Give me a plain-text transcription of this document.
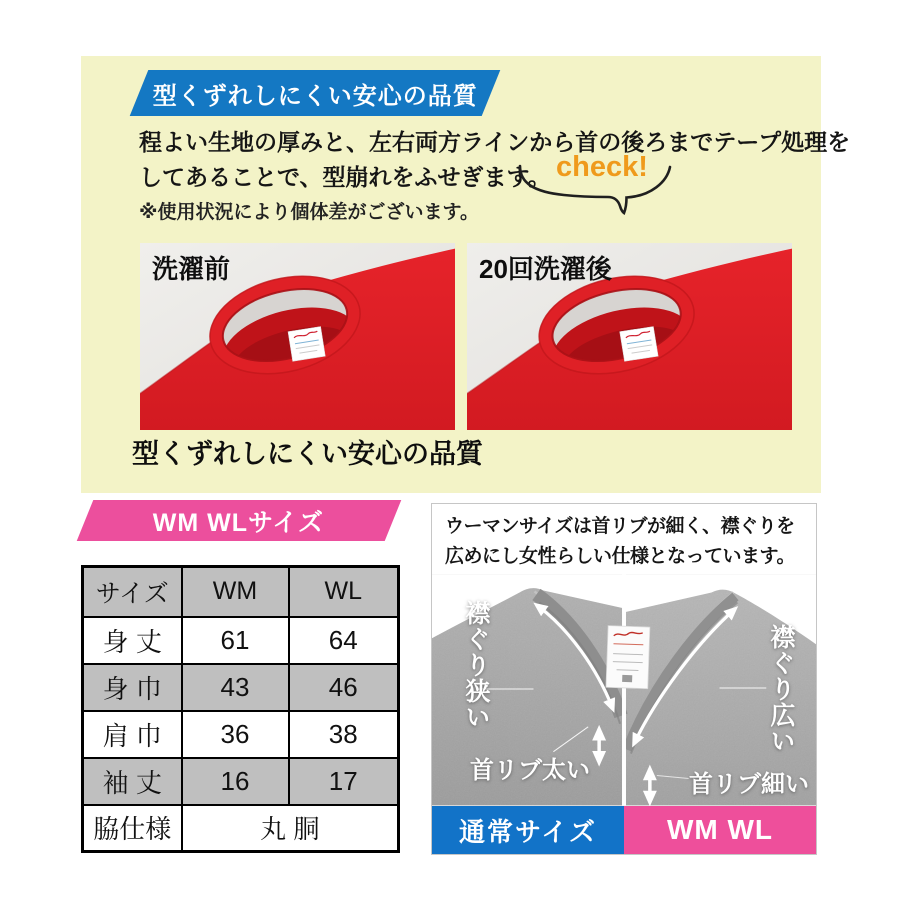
型くずれしにくい安心の品質
程よい生地の厚みと、左右両方ラインから首の後ろまでテープ処理を
してあることで、型崩れをふせぎます。
※使用状況により個体差がございます。
check!
洗濯前	20回洗濯後
型くずれしにくい安心の品質
WM WLサイズ
サイズ	WM	WL
身 丈	61	64
身 巾	43	46
肩 巾	36	38
袖 丈	16	17
脇仕様	丸 胴	
ウーマンサイズは首リブが細く、襟ぐりを
広めにし女性らしい仕様となっています。
襟ぐり狭い	襟ぐり広い
首リブ太い
首リブ細い
通常サイズ	WM WL
